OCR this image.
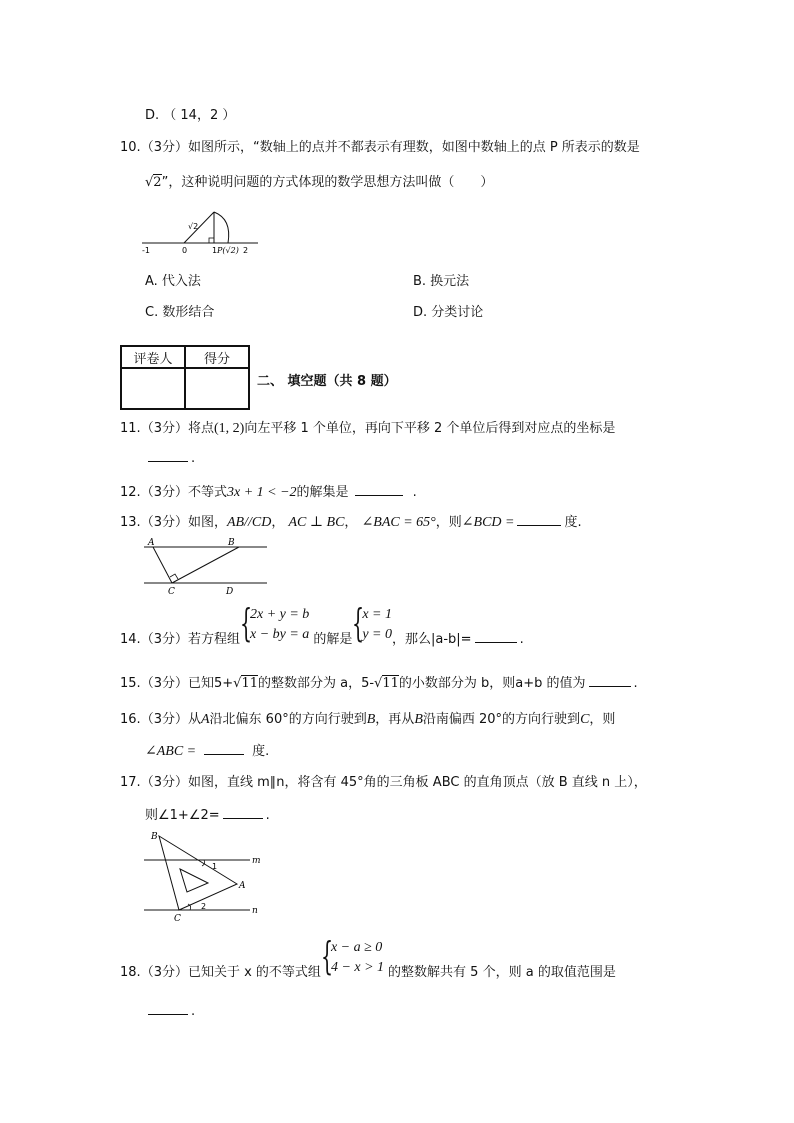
D. （ 14，2 ）
10.（3分）如图所示，“数轴上的点并不都表示有理数，如图中数轴上的点 P 所表示的数是
√2”，这种说明问题的方式体现的数学思想方法叫做（　　）
-1	0	1 P(√2) 2
√2
A. 代入法	B. 换元法
C. 数形结合	D. 分类讨论
评卷人	得分

二、 填空题（共 8 题）
11.（3分）将点(1, 2)向左平移 1 个单位，再向下平移 2 个单位后得到对应点的坐标是
.
12.（3分）不等式3x + 1 < −2的解集是	.
13.（3分）如图，AB//CD， AC ⊥ BC， ∠BAC = 65°，则∠BCD =	度.
A	B
C	D
14.（3分）若方程组 {
2x + y = b
x − by = a 的解是 {
x = 1
y = 0，那么|a-b|=	.
15.（3分）已知5+√11的整数部分为 a，5-√11的小数部分为 b，则a+b 的值为	.
16.（3分）从A沿北偏东 60°的方向行驶到B，再从B沿南偏西 20°的方向行驶到C，则
∠ABC =	度.
17.（3分）如图，直线 m∥n，将含有 45°角的三角板 ABC 的直角顶点（放 B 直线 n 上），
则∠1+∠2=	.
B
A
C
m
n
1
2
18.（3分）已知关于 x 的不等式组 {
x − a ≥ 0
4 − x > 1 的整数解共有 5 个，则 a 的取值范围是
.
